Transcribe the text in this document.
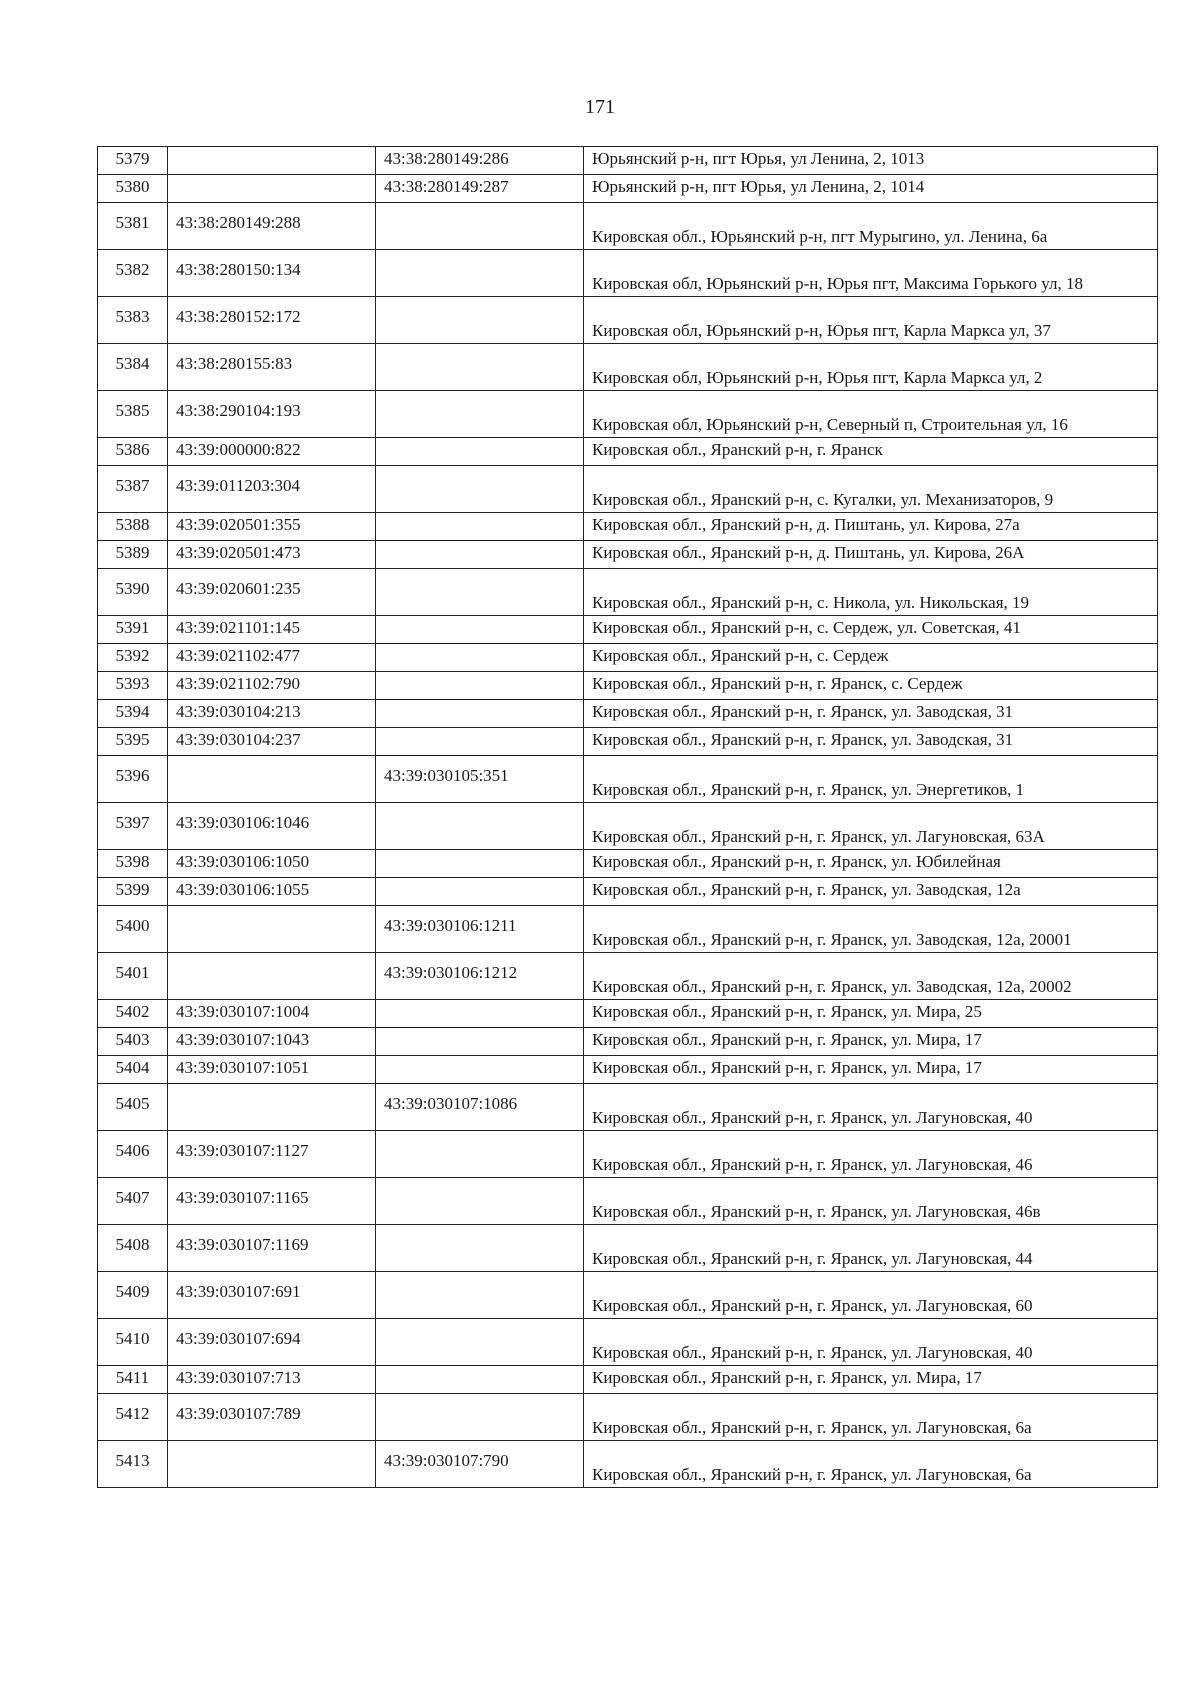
171
5379		43:38:280149:286	Юрьянский р-н, пгт Юрья, ул Ленина, 2, 1013
5380		43:38:280149:287	Юрьянский р-н, пгт Юрья, ул Ленина, 2, 1014
5381	43:38:280149:288		Кировская обл., Юрьянский р-н, пгт Мурыгино, ул. Ленина, 6а
5382	43:38:280150:134		Кировская обл, Юрьянский р-н, Юрья пгт, Максима Горького ул, 18
5383	43:38:280152:172		Кировская обл, Юрьянский р-н, Юрья пгт, Карла Маркса ул, 37
5384	43:38:280155:83		Кировская обл, Юрьянский р-н, Юрья пгт, Карла Маркса ул, 2
5385	43:38:290104:193		Кировская обл, Юрьянский р-н, Северный п, Строительная ул, 16
5386	43:39:000000:822		Кировская обл., Яранский р-н, г. Яранск
5387	43:39:011203:304		Кировская обл., Яранский р-н, с. Кугалки, ул. Механизаторов, 9
5388	43:39:020501:355		Кировская обл., Яранский р-н, д. Пиштань, ул. Кирова, 27а
5389	43:39:020501:473		Кировская обл., Яранский р-н, д. Пиштань, ул. Кирова, 26А
5390	43:39:020601:235		Кировская обл., Яранский р-н, с. Никола, ул. Никольская, 19
5391	43:39:021101:145		Кировская обл., Яранский р-н, с. Сердеж, ул. Советская, 41
5392	43:39:021102:477		Кировская обл., Яранский р-н, с. Сердеж
5393	43:39:021102:790		Кировская обл., Яранский р-н, г. Яранск, с. Сердеж
5394	43:39:030104:213		Кировская обл., Яранский р-н, г. Яранск, ул. Заводская, 31
5395	43:39:030104:237		Кировская обл., Яранский р-н, г. Яранск, ул. Заводская, 31
5396		43:39:030105:351	Кировская обл., Яранский р-н, г. Яранск, ул. Энергетиков, 1
5397	43:39:030106:1046		Кировская обл., Яранский р-н, г. Яранск, ул. Лагуновская, 63А
5398	43:39:030106:1050		Кировская обл., Яранский р-н, г. Яранск, ул. Юбилейная
5399	43:39:030106:1055		Кировская обл., Яранский р-н, г. Яранск, ул. Заводская, 12а
5400		43:39:030106:1211	Кировская обл., Яранский р-н, г. Яранск, ул. Заводская, 12а, 20001
5401		43:39:030106:1212	Кировская обл., Яранский р-н, г. Яранск, ул. Заводская, 12а, 20002
5402	43:39:030107:1004		Кировская обл., Яранский р-н, г. Яранск, ул. Мира, 25
5403	43:39:030107:1043		Кировская обл., Яранский р-н, г. Яранск, ул. Мира, 17
5404	43:39:030107:1051		Кировская обл., Яранский р-н, г. Яранск, ул. Мира, 17
5405		43:39:030107:1086	Кировская обл., Яранский р-н, г. Яранск, ул. Лагуновская, 40
5406	43:39:030107:1127		Кировская обл., Яранский р-н, г. Яранск, ул. Лагуновская, 46
5407	43:39:030107:1165		Кировская обл., Яранский р-н, г. Яранск, ул. Лагуновская, 46в
5408	43:39:030107:1169		Кировская обл., Яранский р-н, г. Яранск, ул. Лагуновская, 44
5409	43:39:030107:691		Кировская обл., Яранский р-н, г. Яранск, ул. Лагуновская, 60
5410	43:39:030107:694		Кировская обл., Яранский р-н, г. Яранск, ул. Лагуновская, 40
5411	43:39:030107:713		Кировская обл., Яранский р-н, г. Яранск, ул. Мира, 17
5412	43:39:030107:789		Кировская обл., Яранский р-н, г. Яранск, ул. Лагуновская, 6а
5413		43:39:030107:790	Кировская обл., Яранский р-н, г. Яранск, ул. Лагуновская, 6а
